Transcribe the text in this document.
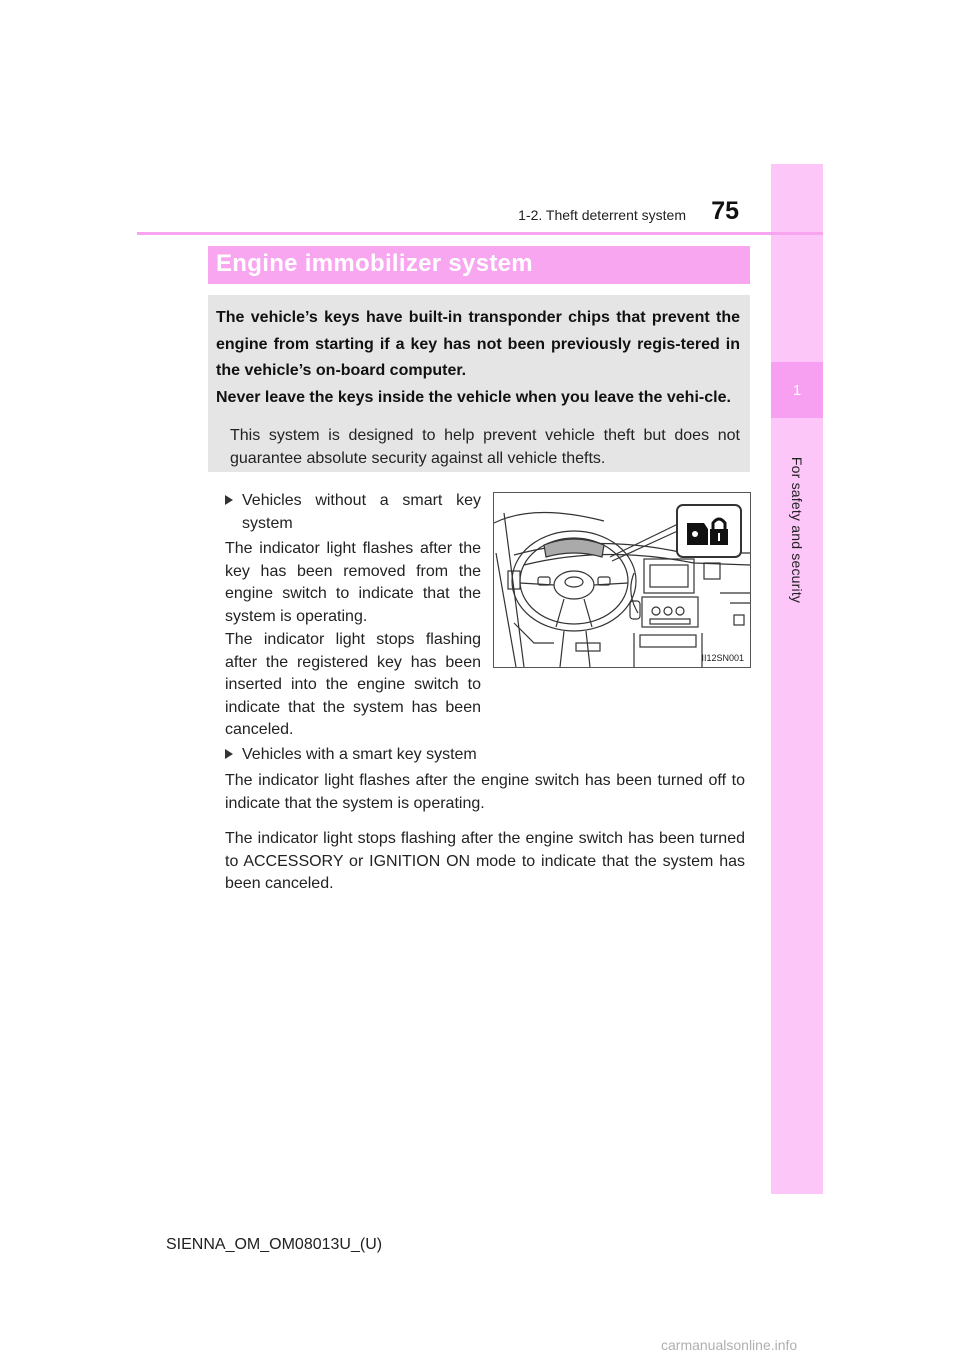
1
For safety and security
1-2. Theft deterrent system	75
Engine immobilizer system
The vehicle’s keys have built-in transponder chips that prevent the engine from starting if a key has not been previously regis-tered in the vehicle’s on-board computer.
Never leave the keys inside the vehicle when you leave the vehi-cle.
This system is designed to help prevent vehicle theft but does not guarantee absolute security against all vehicle thefts.
Vehicles without a smart key system
The indicator light flashes after the key has been removed from the engine switch to indicate that the system is operating.
The indicator light stops flashing after the registered key has been inserted into the engine switch to indicate that the system has been canceled.
II12SN001
Vehicles with a smart key system
The indicator light flashes after the engine switch has been turned off to indicate that the system is operating.
The indicator light stops flashing after the engine switch has been turned to ACCESSORY or IGNITION ON mode to indicate that the system has been canceled.
SIENNA_OM_OM08013U_(U)
carmanualsonline.info
